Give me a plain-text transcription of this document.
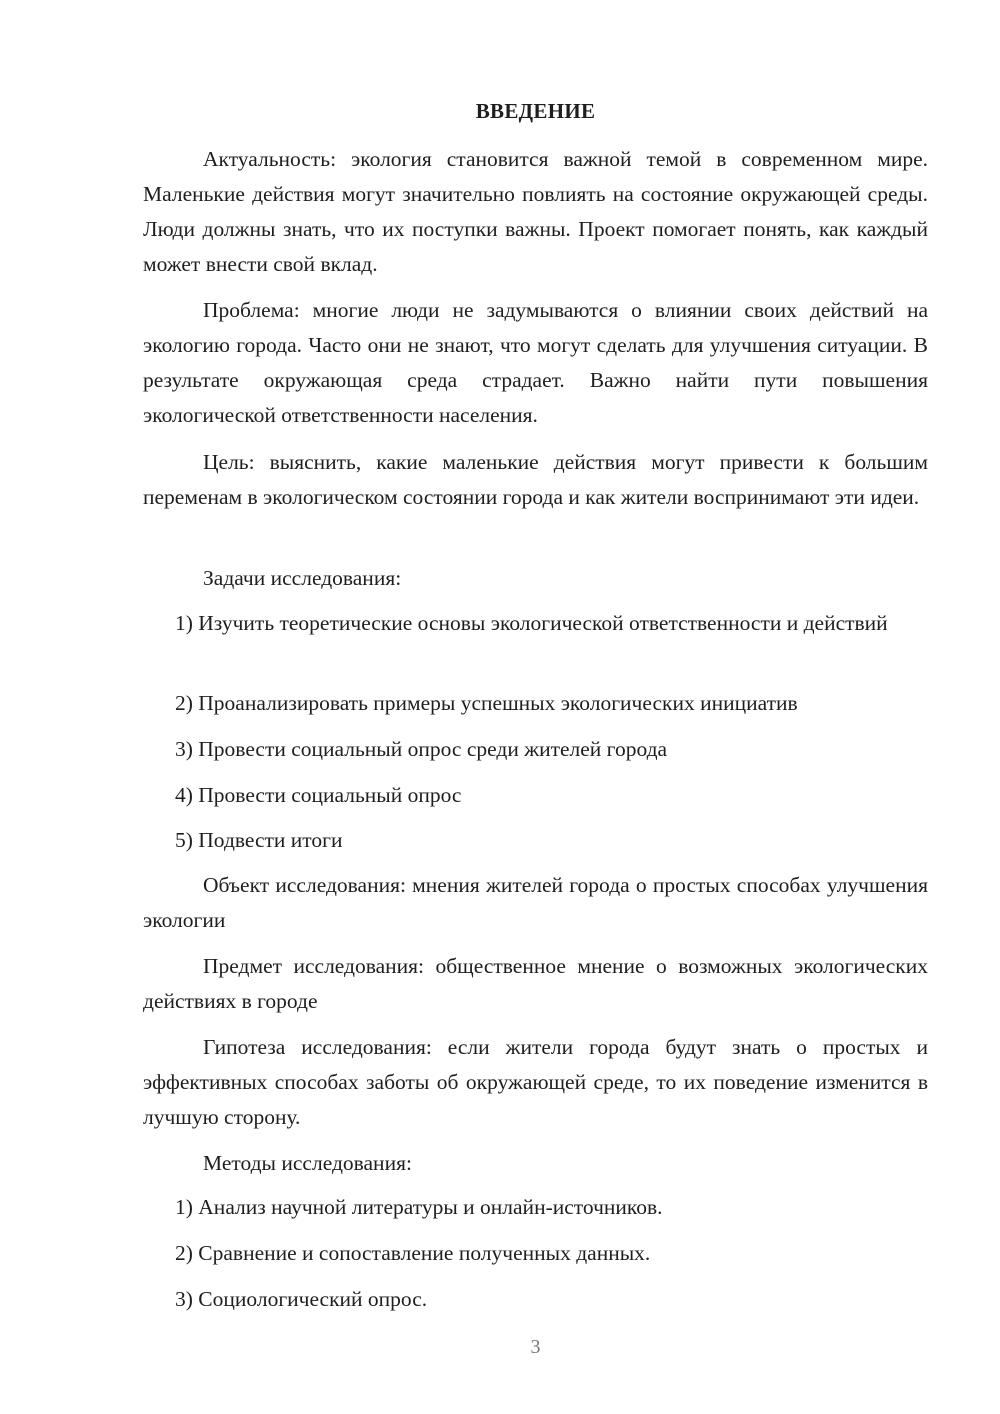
ВВЕДЕНИЕ

Актуальность: экология становится важной темой в современном мире. Маленькие действия могут значительно повлиять на состояние окружающей среды. Люди должны знать, что их поступки важны. Проект помогает понять, как каждый может внести свой вклад.

Проблема: многие люди не задумываются о влиянии своих действий на экологию города. Часто они не знают, что могут сделать для улучшения ситуации. В результате окружающая среда страдает. Важно найти пути повышения экологической ответственности населения.

Цель: выяснить, какие маленькие действия могут привести к большим переменам в экологическом состоянии города и как жители воспринимают эти идеи.

Задачи исследования:

1) Изучить теоретические основы экологической ответственности и действий

2) Проанализировать примеры успешных экологических инициатив

3) Провести социальный опрос среди жителей города

4) Провести социальный опрос

5) Подвести итоги

Объект исследования: мнения жителей города о простых способах улучшения экологии

Предмет исследования: общественное мнение о возможных экологических действиях в городе

Гипотеза исследования: если жители города будут знать о простых и эффективных способах заботы об окружающей среде, то их поведение изменится в лучшую сторону.

Методы исследования:

1) Анализ научной литературы и онлайн-источников.

2) Сравнение и сопоставление полученных данных.

3) Социологический опрос.

3
